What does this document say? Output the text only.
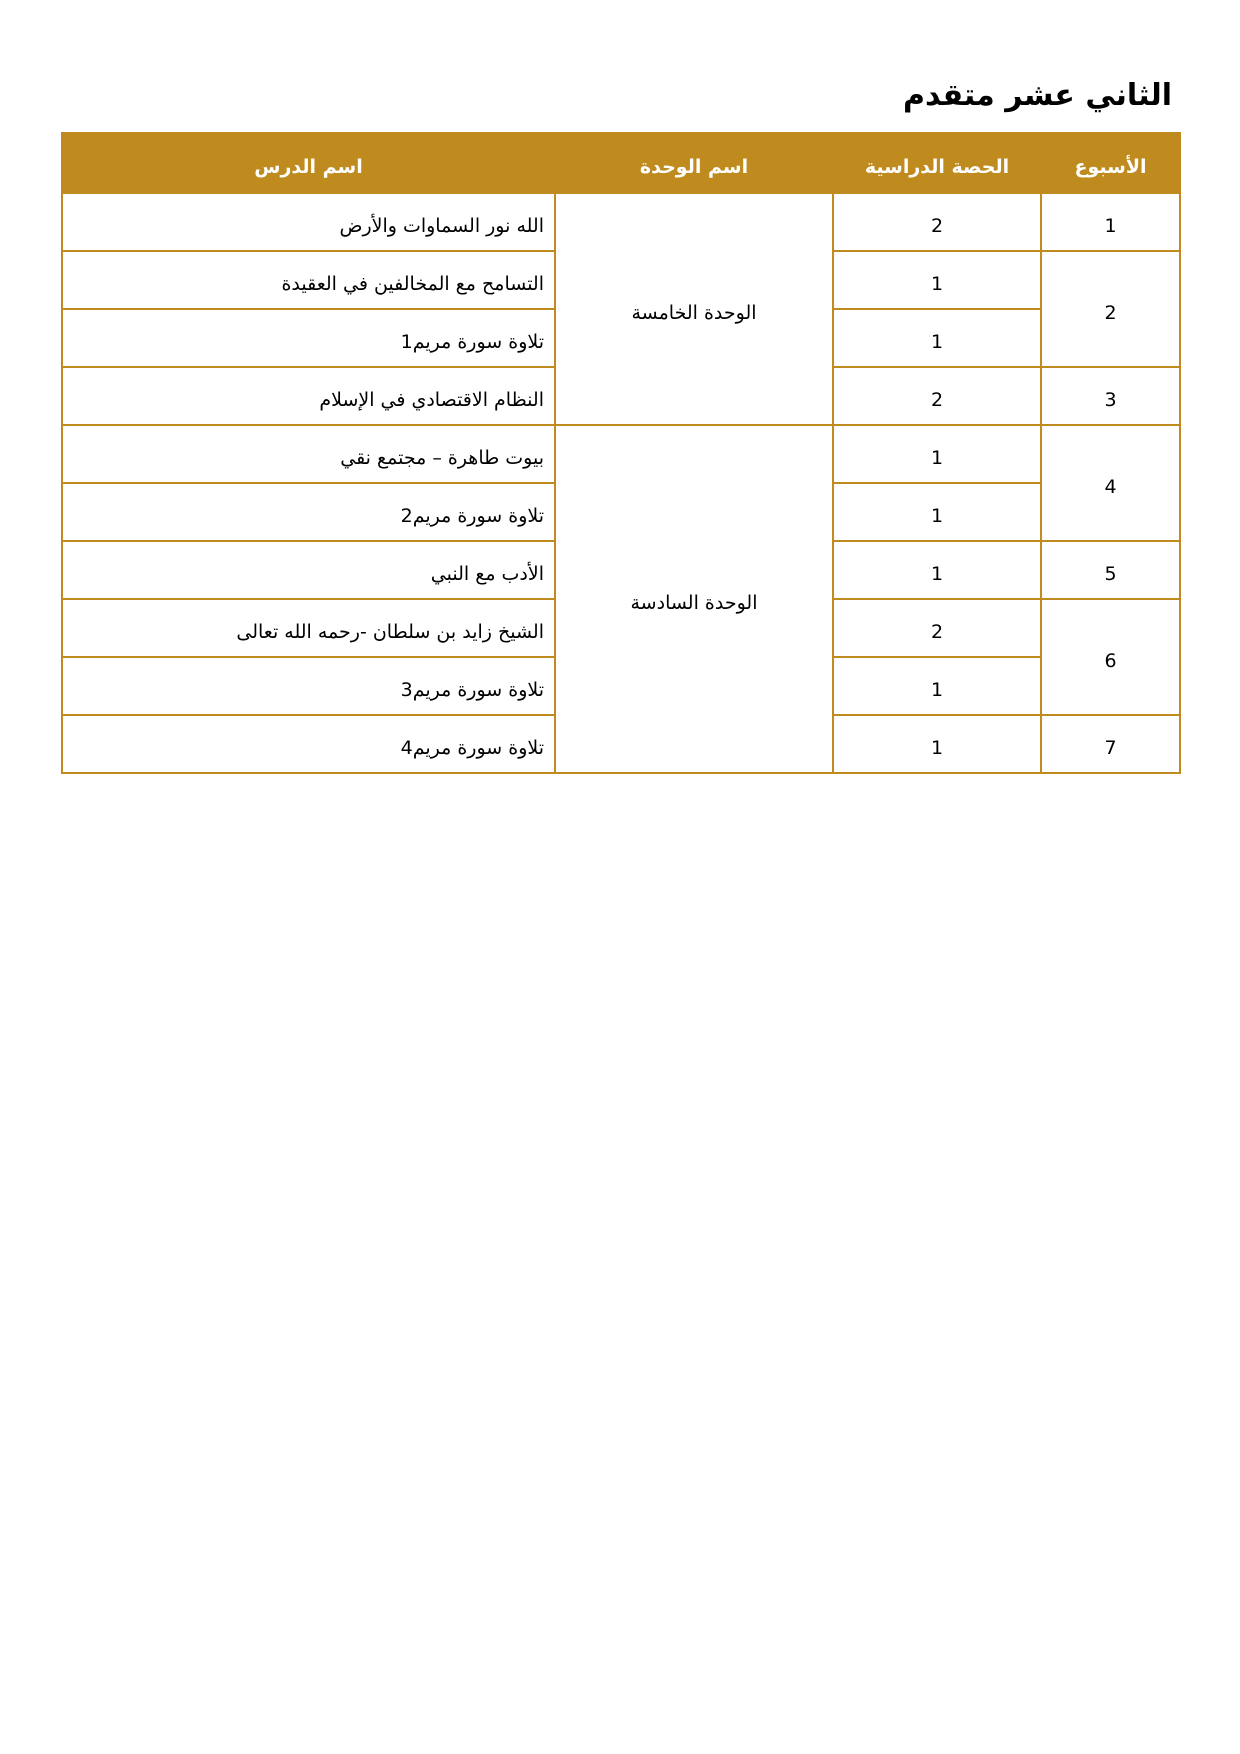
الثاني عشر متقدم
الأسبوع	الحصة الدراسية	اسم الوحدة	اسم الدرس
1	2	الوحدة الخامسة	الله نور السماوات والأرض
2	1		التسامح مع المخالفين في العقيدة
	1		تلاوة سورة مريم1
3	2		النظام الاقتصادي في الإسلام
4	1	الوحدة السادسة	بيوت طاهرة – مجتمع نقي
	1		تلاوة سورة مريم2
5	1		الأدب مع النبي
6	2		الشيخ زايد بن سلطان -رحمه الله تعالى
	1		تلاوة سورة مريم3
7	1		تلاوة سورة مريم4
